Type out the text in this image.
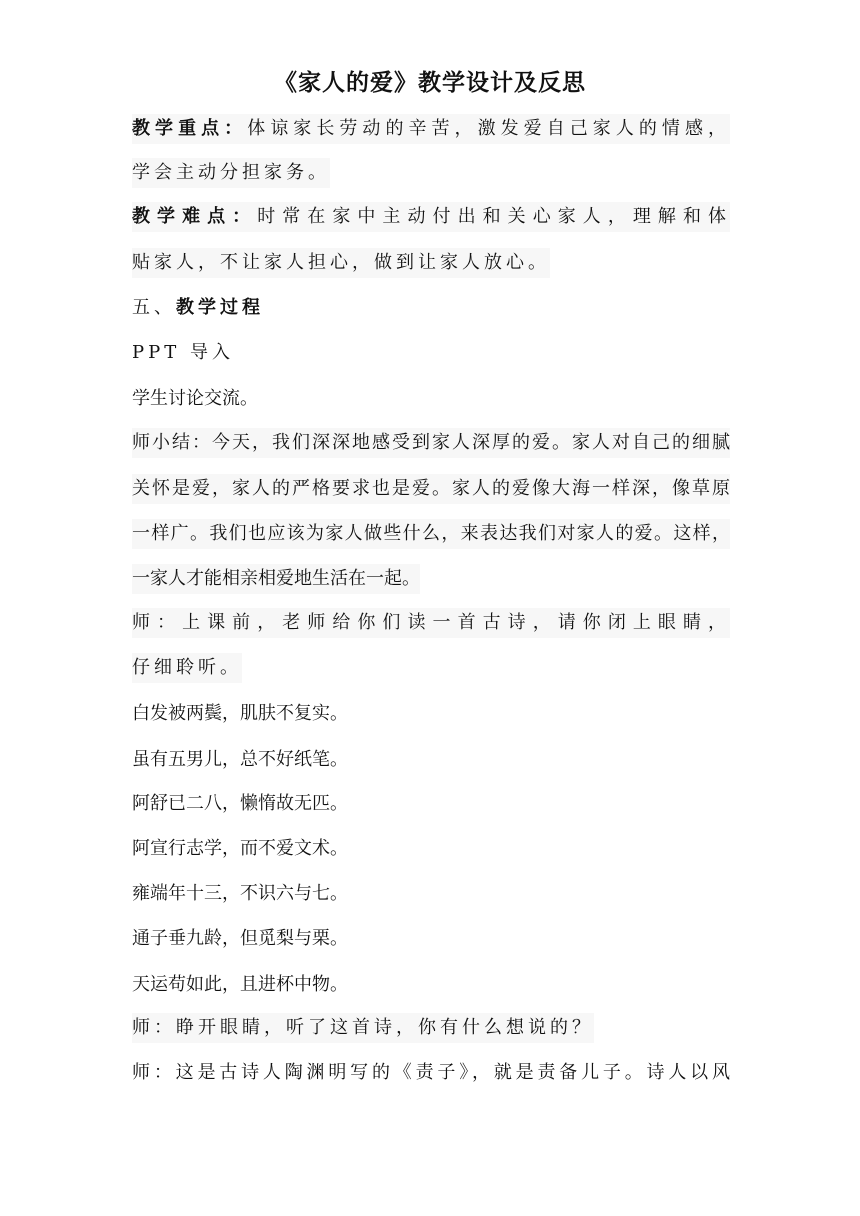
《家人的爱》教学设计及反思
教学重点：体谅家长劳动的辛苦，激发爱自己家人的情感，
学会主动分担家务。
教学难点：时常在家中主动付出和关心家人，理解和体
贴家人，不让家人担心，做到让家人放心。
五、教学过程
PPT 导入
学生讨论交流。
师小结：今天，我们深深地感受到家人深厚的爱。家人对自己的细腻
关怀是爱，家人的严格要求也是爱。家人的爱像大海一样深，像草原
一样广。我们也应该为家人做些什么，来表达我们对家人的爱。这样，
一家人才能相亲相爱地生活在一起。
师：上课前，老师给你们读一首古诗，请你闭上眼睛，
仔细聆听。
白发被两鬓，肌肤不复实。
虽有五男儿，总不好纸笔。
阿舒已二八，懒惰故无匹。
阿宣行志学，而不爱文术。
雍端年十三，不识六与七。
通子垂九龄，但觅梨与栗。
天运苟如此，且进杯中物。
师：睁开眼睛，听了这首诗，你有什么想说的？
师：这是古诗人陶渊明写的《责子》，就是责备儿子。诗人以风
